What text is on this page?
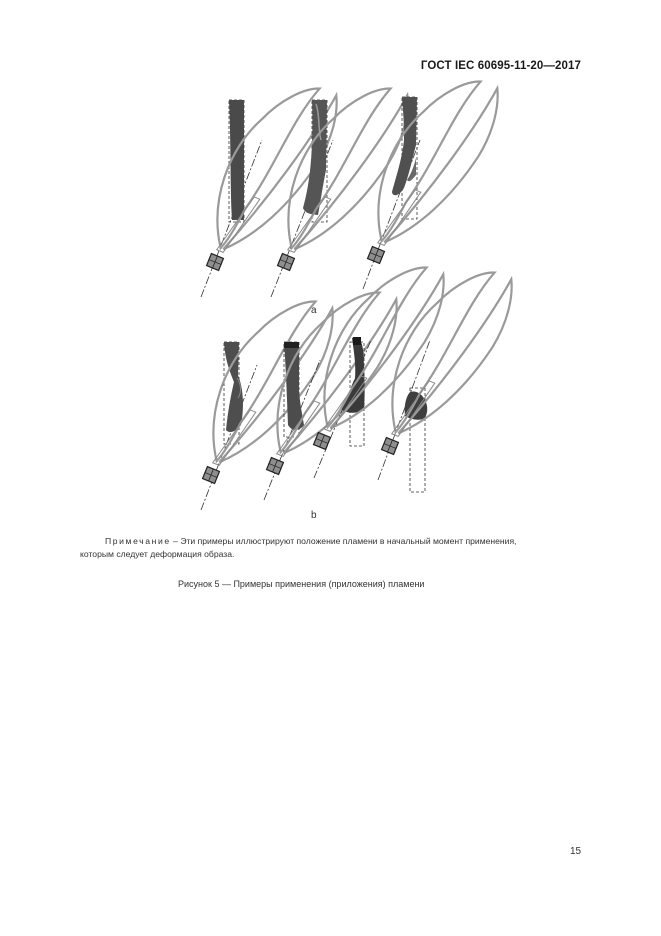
ГОСТ IEC 60695-11-20—2017
a
b
Примечание – Эти примеры иллюстрируют положение пламени в начальный момент применения,
которым следует деформация образа.
Рисунок 5 — Примеры применения (приложения) пламени
15
